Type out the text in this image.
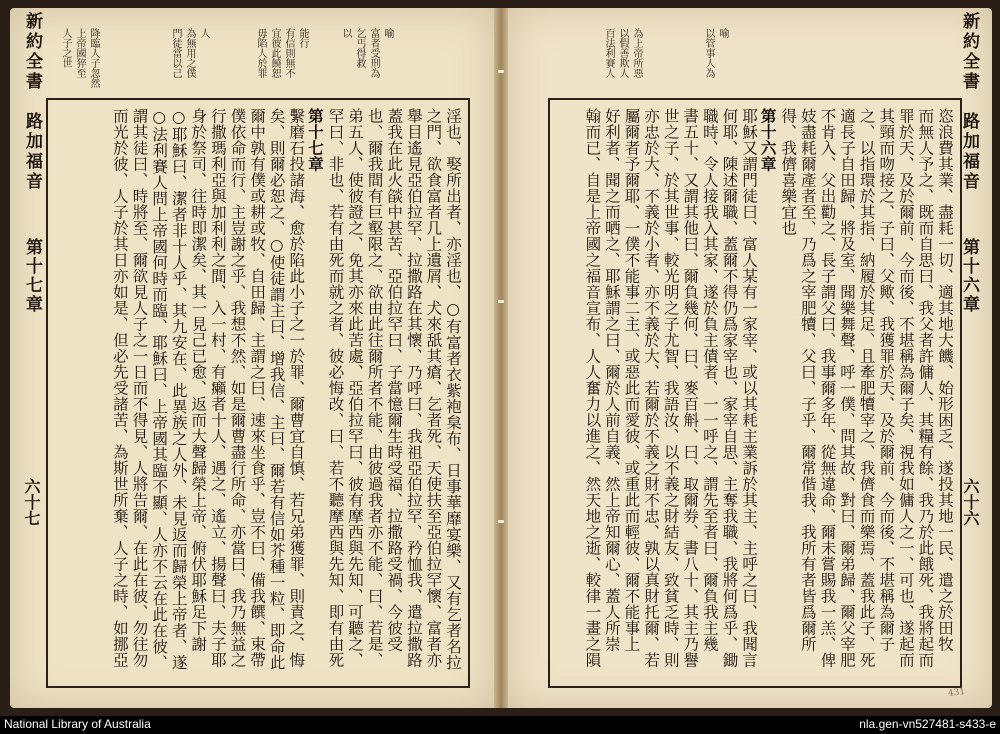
喻
富者受刑為
乞丐得救
以
能行
有信則無不
宜彼此饒恕
毋陷人於罪
人
為無用之僕
門徒當以己
降臨人子忽然
上帝國猝至
人子之世
新約全書　路加福音
第十七章
六十七
淫也、娶所出者、亦淫也、○有富者衣紫袍枲布、日事華靡宴樂、又有乞者名拉
之門、欲食富者几上遺屑、犬來舐其瘡、乞者死、天使扶至亞伯拉罕懷、富者亦
舉目遙見亞伯拉罕、拉撒路在其懷、乃呼曰、我祖亞伯拉罕、矜恤我、遣拉撒路
蓋我在此火燄中甚苦、亞伯拉罕曰、子當憶爾生時受福、拉撒路受禍、今彼受
也、爾我間有巨壑限之、欲由此往爾所者不能、由彼過我者亦不能、曰、若是、
弟五人、使彼證之、免其亦來此苦處、亞伯拉罕曰、彼有摩西與先知、可聽之、
罕曰、非也、若有由死而就之者、彼必悔改、曰、若不聽摩西與先知、即有由死
第十七章
繫磨石投諸海、愈於陷此小子之一於罪、爾曹宜自慎、若兄弟獲罪、則責之、悔
矣、則爾必恕之、○使徒謂主曰、增我信、主曰、爾若有信如芥種一粒、即命此
爾中孰有僕或耕或牧、自田歸、主謂之曰、速來坐食乎、豈不曰、備我饌、束帶
僕依命而行、主豈謝之乎、我想不然、如是爾曹盡行所命、亦當曰、我乃無益之
行撒瑪利亞與加利利之間、入一村、有癩者十人、遇之、遙立、揚聲曰、夫子耶
身於祭司、往時即潔矣、其一見己已愈、返而大聲歸榮上帝、俯伏耶穌足下謝
○耶穌曰、潔者非十人乎、其九安在、此異族之人外、未見返而歸榮上帝者、遂
○法利賽人問上帝國何時而臨、耶穌曰、上帝國其臨不顯、人亦不云在此在彼、
謂其徒曰、時將至、爾欲見人子之一日而不得見、人將告爾、在此在彼、勿往勿
而光於彼、人子於其日亦如是、但必先受諸苦、為斯世所棄、人子之時、如挪亞
喻
以管事人為
為上帝所惡
以假善欺人
百法利賽人	新約全書　路加福音
第十六章
六十六
恣浪費其業、盡耗一切、適其地大饑、始形困乏、遂投其地一民、遣之於田牧
而無人予之、既而自思曰、我父者許傭人、其糧有餘、我乃於此餓死、我將起而
罪於天、及於爾前、今而後、不堪稱為爾子矣、視我如傭人之一、可也、遂起而
其頸而吻接之、子曰、父歟、我獲罪於天、及於爾前、今而後、不堪稱為爾子
之、以指環於其指、納履於其足、且牽肥犢宰之、我儕食而樂焉、蓋我此子、死
適長子自田歸、將及室、聞樂舞聲、呼一僕、問其故、對曰、爾弟歸、爾父宰肥
不肯入、父出勸之、長子謂父曰、我事爾多年、從無違命、爾未嘗賜我一羔、俾
妓盡耗爾產者至、乃爲之宰肥犢、父曰、子乎、爾常偕我、我所有者皆爲爾所
得、我儕喜樂宜也
第十六章
耶穌又謂門徒曰、富人某有一家宰、或以其耗主業訴於其主、主呼之曰、我聞言
何耶、陳述爾職、蓋爾不得仍爲家宰也、家宰自思、主奪我職、我將何爲乎、鋤
職時、令人接我入其家、遂於負主債者、一一呼之、謂先至者曰、爾負我主幾
書五十、又謂其他曰、爾負幾何、曰、麥百斛、曰、取爾券、書八十、其主乃譽
世之子、於其世事、較光明之子尤智、我語汝、以不義之財結友、致貧乏時、則
亦忠於大、不義於小者、亦不義於大、若爾於不義之財不忠、孰以真財托爾、若
屬爾者予爾耶、一僕不能事二主、或惡此而愛彼、或重此而輕彼、爾不能事上
好利者、聞之而哂之、耶穌謂之曰、爾於人前自義、然上帝知爾心、蓋人所崇
翰而已、自是上帝國之福音宣布、人人奮力以進之、然天地之逝、較律一畫之隕
431
National Library of Australia	nla.gen-vn527481-s433-e
